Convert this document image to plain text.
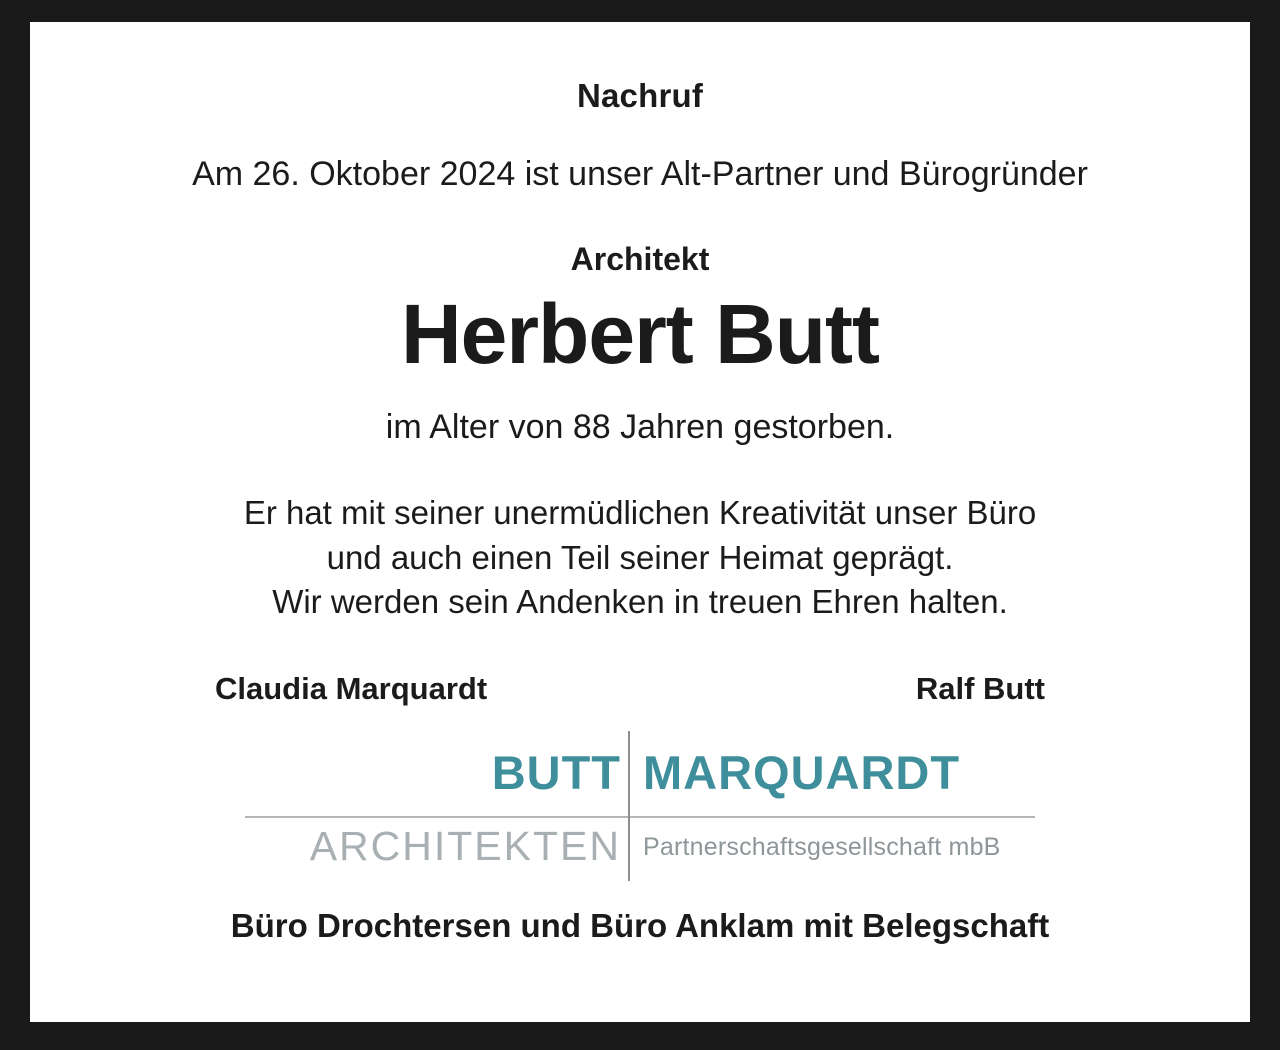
Nachruf
Am 26. Oktober 2024 ist unser Alt-Partner und Bürogründer
Architekt
Herbert Butt
im Alter von 88 Jahren gestorben.
Er hat mit seiner unermüdlichen Kreativität unser Büro
und auch einen Teil seiner Heimat geprägt.
Wir werden sein Andenken in treuen Ehren halten.
Claudia Marquardt	Ralf Butt
BUTT MARQUARDT
ARCHITEKTEN Partnerschaftsgesellschaft mbB
Büro Drochtersen und Büro Anklam mit Belegschaft
